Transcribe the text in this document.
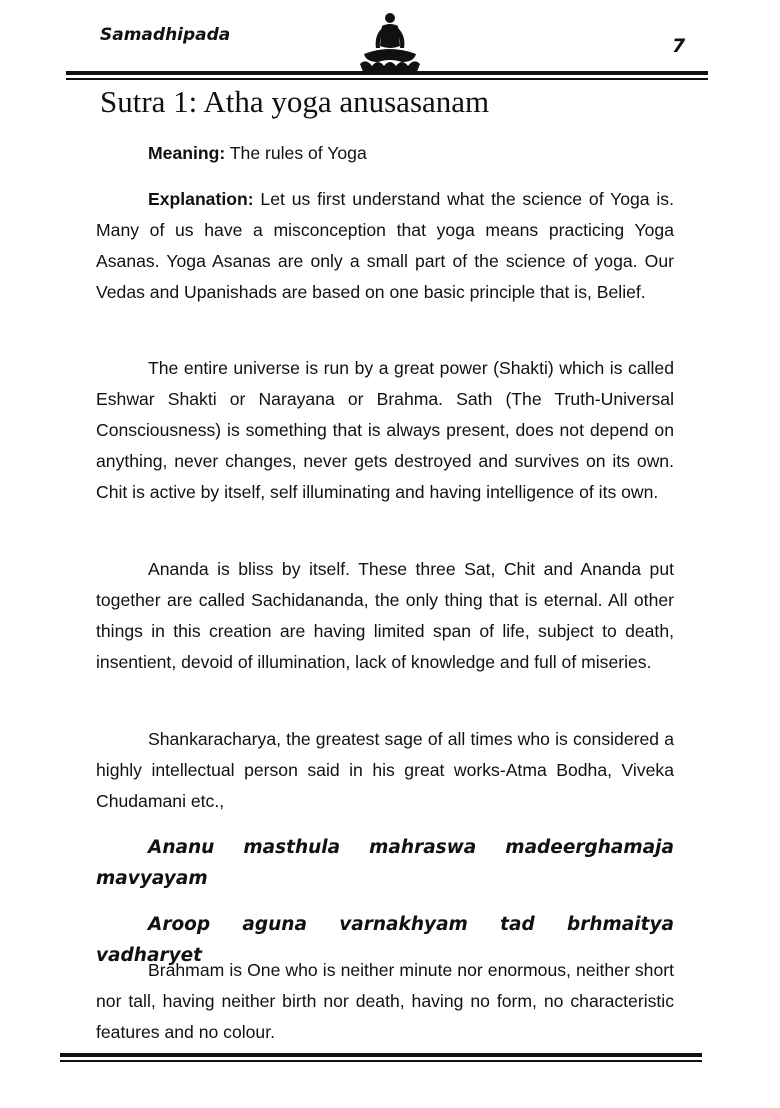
Samadhipada	7
Sutra 1: Atha yoga anusasanam

Meaning: The rules of Yoga

Explanation: Let us first understand what the science of Yoga is. Many of us have a misconception that yoga means practicing Yoga Asanas. Yoga Asanas are only a small part of the science of yoga. Our Vedas and Upanishads are based on one basic principle that is, Belief.

The entire universe is run by a great power (Shakti) which is called Eshwar Shakti or Narayana or Brahma. Sath (The Truth-Universal Consciousness) is something that is always present, does not depend on anything, never changes, never gets destroyed and survives on its own. Chit is active by itself, self illuminating and having intelligence of its own.

Ananda is bliss by itself. These three Sat, Chit and Ananda put together are called Sachidananda, the only thing that is eternal. All other things in this creation are having limited span of life, subject to death, insentient, devoid of illumination, lack of knowledge and full of miseries.

Shankaracharya, the greatest sage of all times who is considered a highly intellectual person said in his great works-Atma Bodha, Viveka Chudamani etc.,

Ananu masthula mahraswa madeerghamaja mavyayam

Aroop aguna varnakhyam tad brhmaitya vadharyet

Brahmam is One who is neither minute nor enormous, neither short nor tall, having neither birth nor death, having no form, no characteristic features and no colour.
